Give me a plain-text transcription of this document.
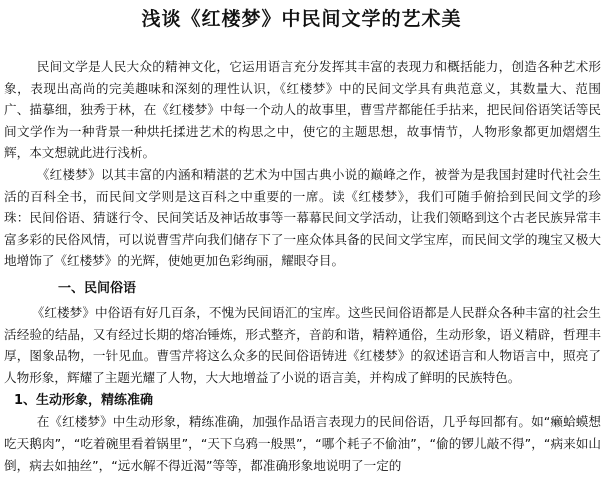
浅谈《红楼梦》中民间文学的艺术美

民间文学是人民大众的精神文化，它运用语言充分发挥其丰富的表现力和概括能力，创造各种艺术形象，表现出高尚的完美趣味和深刻的理性认识，《红楼梦》中的民间文学具有典范意义，其数量大、范围广、描摹细，独秀于林，在《红楼梦》中每一个动人的故事里，曹雪芹都能任手拈来，把民间俗语笑话等民间文学作为一种背景一种烘托揉进艺术的构思之中，使它的主题思想，故事情节，人物形象都更加熠熠生辉，本文想就此进行浅析。

《红楼梦》以其丰富的内涵和精湛的艺术为中国古典小说的巅峰之作，被誉为是我国封建时代社会生活的百科全书，而民间文学则是这百科之中重要的一席。读《红楼梦》，我们可随手俯拾到民间文学的珍珠：民间俗语、猜谜行令、民间笑话及神话故事等一幕幕民间文学活动，让我们领略到这个古老民族异常丰富多彩的民俗风情，可以说曹雪芹向我们储存下了一座众体具备的民间文学宝库，而民间文学的瑰宝又极大地增饰了《红楼梦》的光辉，使她更加色彩绚丽，耀眼夺目。

一、民间俗语

《红楼梦》中俗语有好几百条，不愧为民间语汇的宝库。这些民间俗语都是人民群众各种丰富的社会生活经验的结晶，又有经过长期的熔冶锤炼，形式整齐，音韵和谐，精粹通俗，生动形象，语义精辟，哲理丰厚，图象品物，一针见血。曹雪芹将这么众多的民间俗语铸进《红楼梦》的叙述语言和人物语言中，照亮了人物形象，辉耀了主题光耀了人物，大大地增益了小说的语言美，并构成了鲜明的民族特色。

1、生动形象，精练准确

在《红楼梦》中生动形象，精练准确，加强作品语言表现力的民间俗语，几乎每回都有。如“癞蛤蟆想吃天鹅肉”，“吃着碗里看着锅里”，“天下乌鸦一般黑”，“哪个耗子不偷油”，“偷的锣儿敲不得”，“病来如山倒，病去如抽丝”，“远水解不得近渴”等等，都准确形象地说明了一定的
